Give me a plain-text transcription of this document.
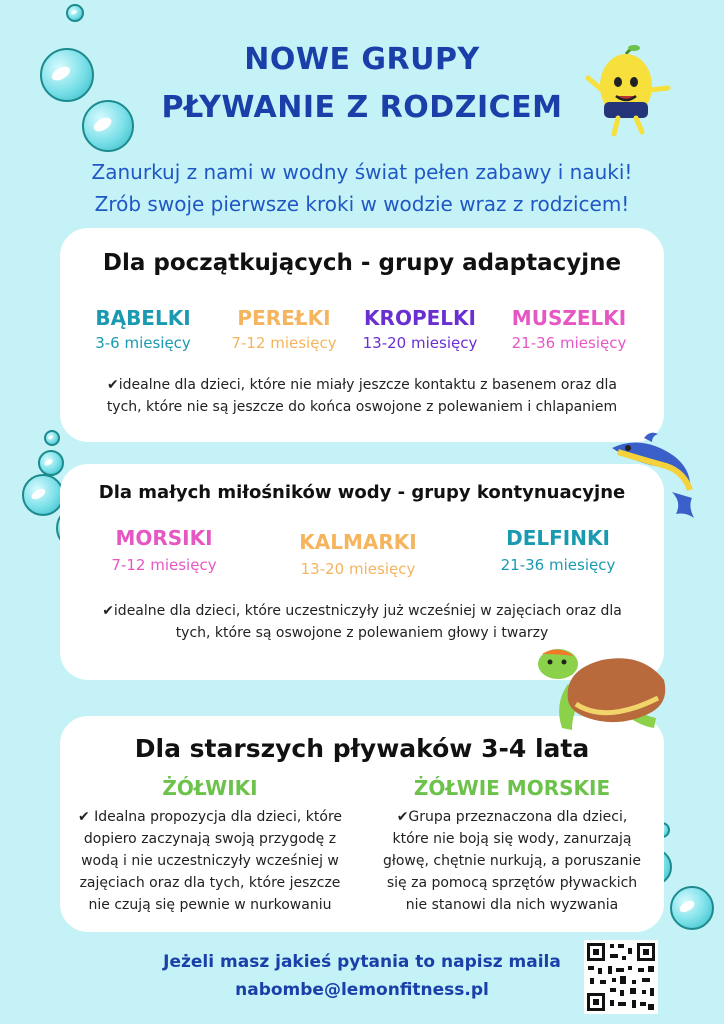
NOWE GRUPY
PŁYWANIE Z RODZICEM
Zanurkuj z nami w wodny świat pełen zabawy i nauki!
Zrób swoje pierwsze kroki w wodzie wraz z rodzicem!
Dla początkujących - grupy adaptacyjne
BĄBELKI
3-6 miesięcy
PEREŁKI
7-12 miesięcy
KROPELKI
13-20 miesięcy
MUSZELKI
21-36 miesięcy
✔idealne dla dzieci, które nie miały jeszcze kontaktu z basenem oraz dla
tych, które nie są jeszcze do końca oswojone z polewaniem i chlapaniem
Dla małych miłośników wody - grupy kontynuacyjne
MORSIKI
7-12 miesięcy
KALMARKI
13-20 miesięcy
DELFINKI
21-36 miesięcy
✔idealne dla dzieci, które uczestniczyły już wcześniej w zajęciach oraz dla
tych, które są oswojone z polewaniem głowy i twarzy
Dla starszych pływaków 3-4 lata
ŻÓŁWIKI
✔ Idealna propozycja dla dzieci, które
dopiero zaczynają swoją przygodę z
wodą i nie uczestniczyły wcześniej w
zajęciach oraz dla tych, które jeszcze
nie czują się pewnie w nurkowaniu
ŻÓŁWIE MORSKIE
✔Grupa przeznaczona dla dzieci,
które nie boją się wody, zanurzają
głowę, chętnie nurkują, a poruszanie
się za pomocą sprzętów pływackich
nie stanowi dla nich wyzwania
Jeżeli masz jakieś pytania to napisz maila
nabombe@lemonfitness.pl
